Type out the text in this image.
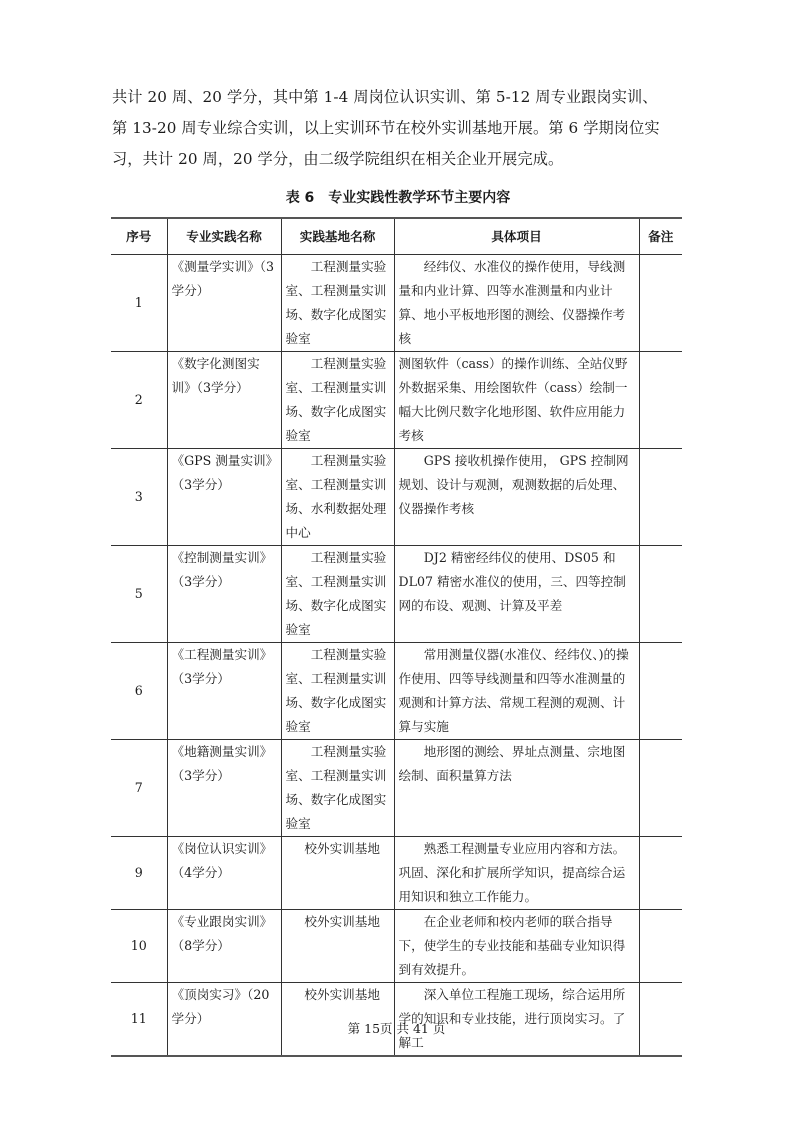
共计 20 周、20 学分，其中第 1-4 周岗位认识实训、第 5-12 周专业跟岗实训、

第 13-20 周专业综合实训，以上实训环节在校外实训基地开展。第 6 学期岗位实

习，共计 20 周，20 学分，由二级学院组织在相关企业开展完成。

表 6　专业实践性教学环节主要内容
序号	专业实践名称	实践基地名称	具体项目	备注
1	《测量学实训》（3学分）	工程测量实验室、工程测量实训场、数字化成图实验室	经纬仪、水准仪的操作使用，导线测量和内业计算、四等水准测量和内业计算、地小平板地形图的测绘、仪器操作考核	
2	《数字化测图实训》（3学分）	工程测量实验室、工程测量实训场、数字化成图实验室	测图软件（cass）的操作训练、全站仪野外数据采集、用绘图软件（cass）绘制一幅大比例尺数字化地形图、软件应用能力考核	
3	《GPS 测量实训》（3学分）	工程测量实验室、工程测量实训场、水利数据处理中心	GPS 接收机操作使用， GPS 控制网规划、设计与观测，观测数据的后处理、仪器操作考核	
5	《控制测量实训》（3学分）	工程测量实验室、工程测量实训场、数字化成图实验室	DJ2 精密经纬仪的使用、DS05 和 DL07 精密水准仪的使用，三、四等控制网的布设、观测、计算及平差	
6	《工程测量实训》（3学分）	工程测量实验室、工程测量实训场、数字化成图实验室	常用测量仪器(水准仪、经纬仪、)的操作使用、四等导线测量和四等水准测量的观测和计算方法、常规工程测的观测、计算与实施	
7	《地籍测量实训》（3学分）	工程测量实验室、工程测量实训场、数字化成图实验室	地形图的测绘、界址点测量、宗地图绘制、面积量算方法	
9	《岗位认识实训》（4学分）	校外实训基地	熟悉工程测量专业应用内容和方法。巩固、深化和扩展所学知识，提高综合运用知识和独立工作能力。	
10	《专业跟岗实训》（8学分）	校外实训基地	在企业老师和校内老师的联合指导下，使学生的专业技能和基础专业知识得到有效提升。	
11	《顶岗实习》（20学分）	校外实训基地	深入单位工程施工现场，综合运用所学的知识和专业技能，进行顶岗实习。了解工	
第 15页 共 41 页
